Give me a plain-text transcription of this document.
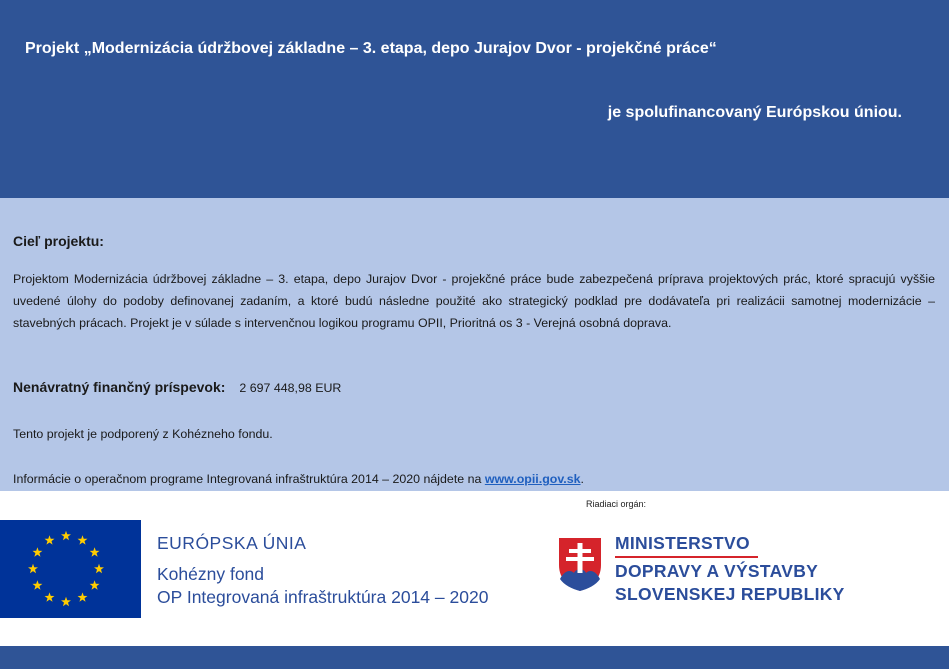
Projekt „Modernizácia údržbovej základne – 3. etapa, depo Jurajov Dvor - projekčné práce“
je spolufinancovaný Európskou úniou.
Cieľ projektu:
Projektom Modernizácia údržbovej základne – 3. etapa, depo Jurajov Dvor - projekčné práce bude zabezpečená príprava projektových prác, ktoré spracujú vyššie uvedené úlohy do podoby definovanej zadaním, a ktoré budú následne použité ako strategický podklad pre dodávateľa pri realizácii samotnej modernizácie – stavebných prácach. Projekt je v súlade s intervenčnou logikou programu OPII, Prioritná os 3 - Verejná osobná doprava.
Nenávratný finančný príspevok: 2 697 448,98 EUR
Tento projekt je podporený z Kohézneho fondu.
Informácie o operačnom programe Integrovaná infraštruktúra 2014 – 2020 nájdete na www.opii.gov.sk.
Riadiaci orgán:
EURÓPSKA ÚNIA
Kohézny fond
OP Integrovaná infraštruktúra 2014 – 2020
MINISTERSTVO
DOPRAVY A VÝSTAVBY
SLOVENSKEJ REPUBLIKY
